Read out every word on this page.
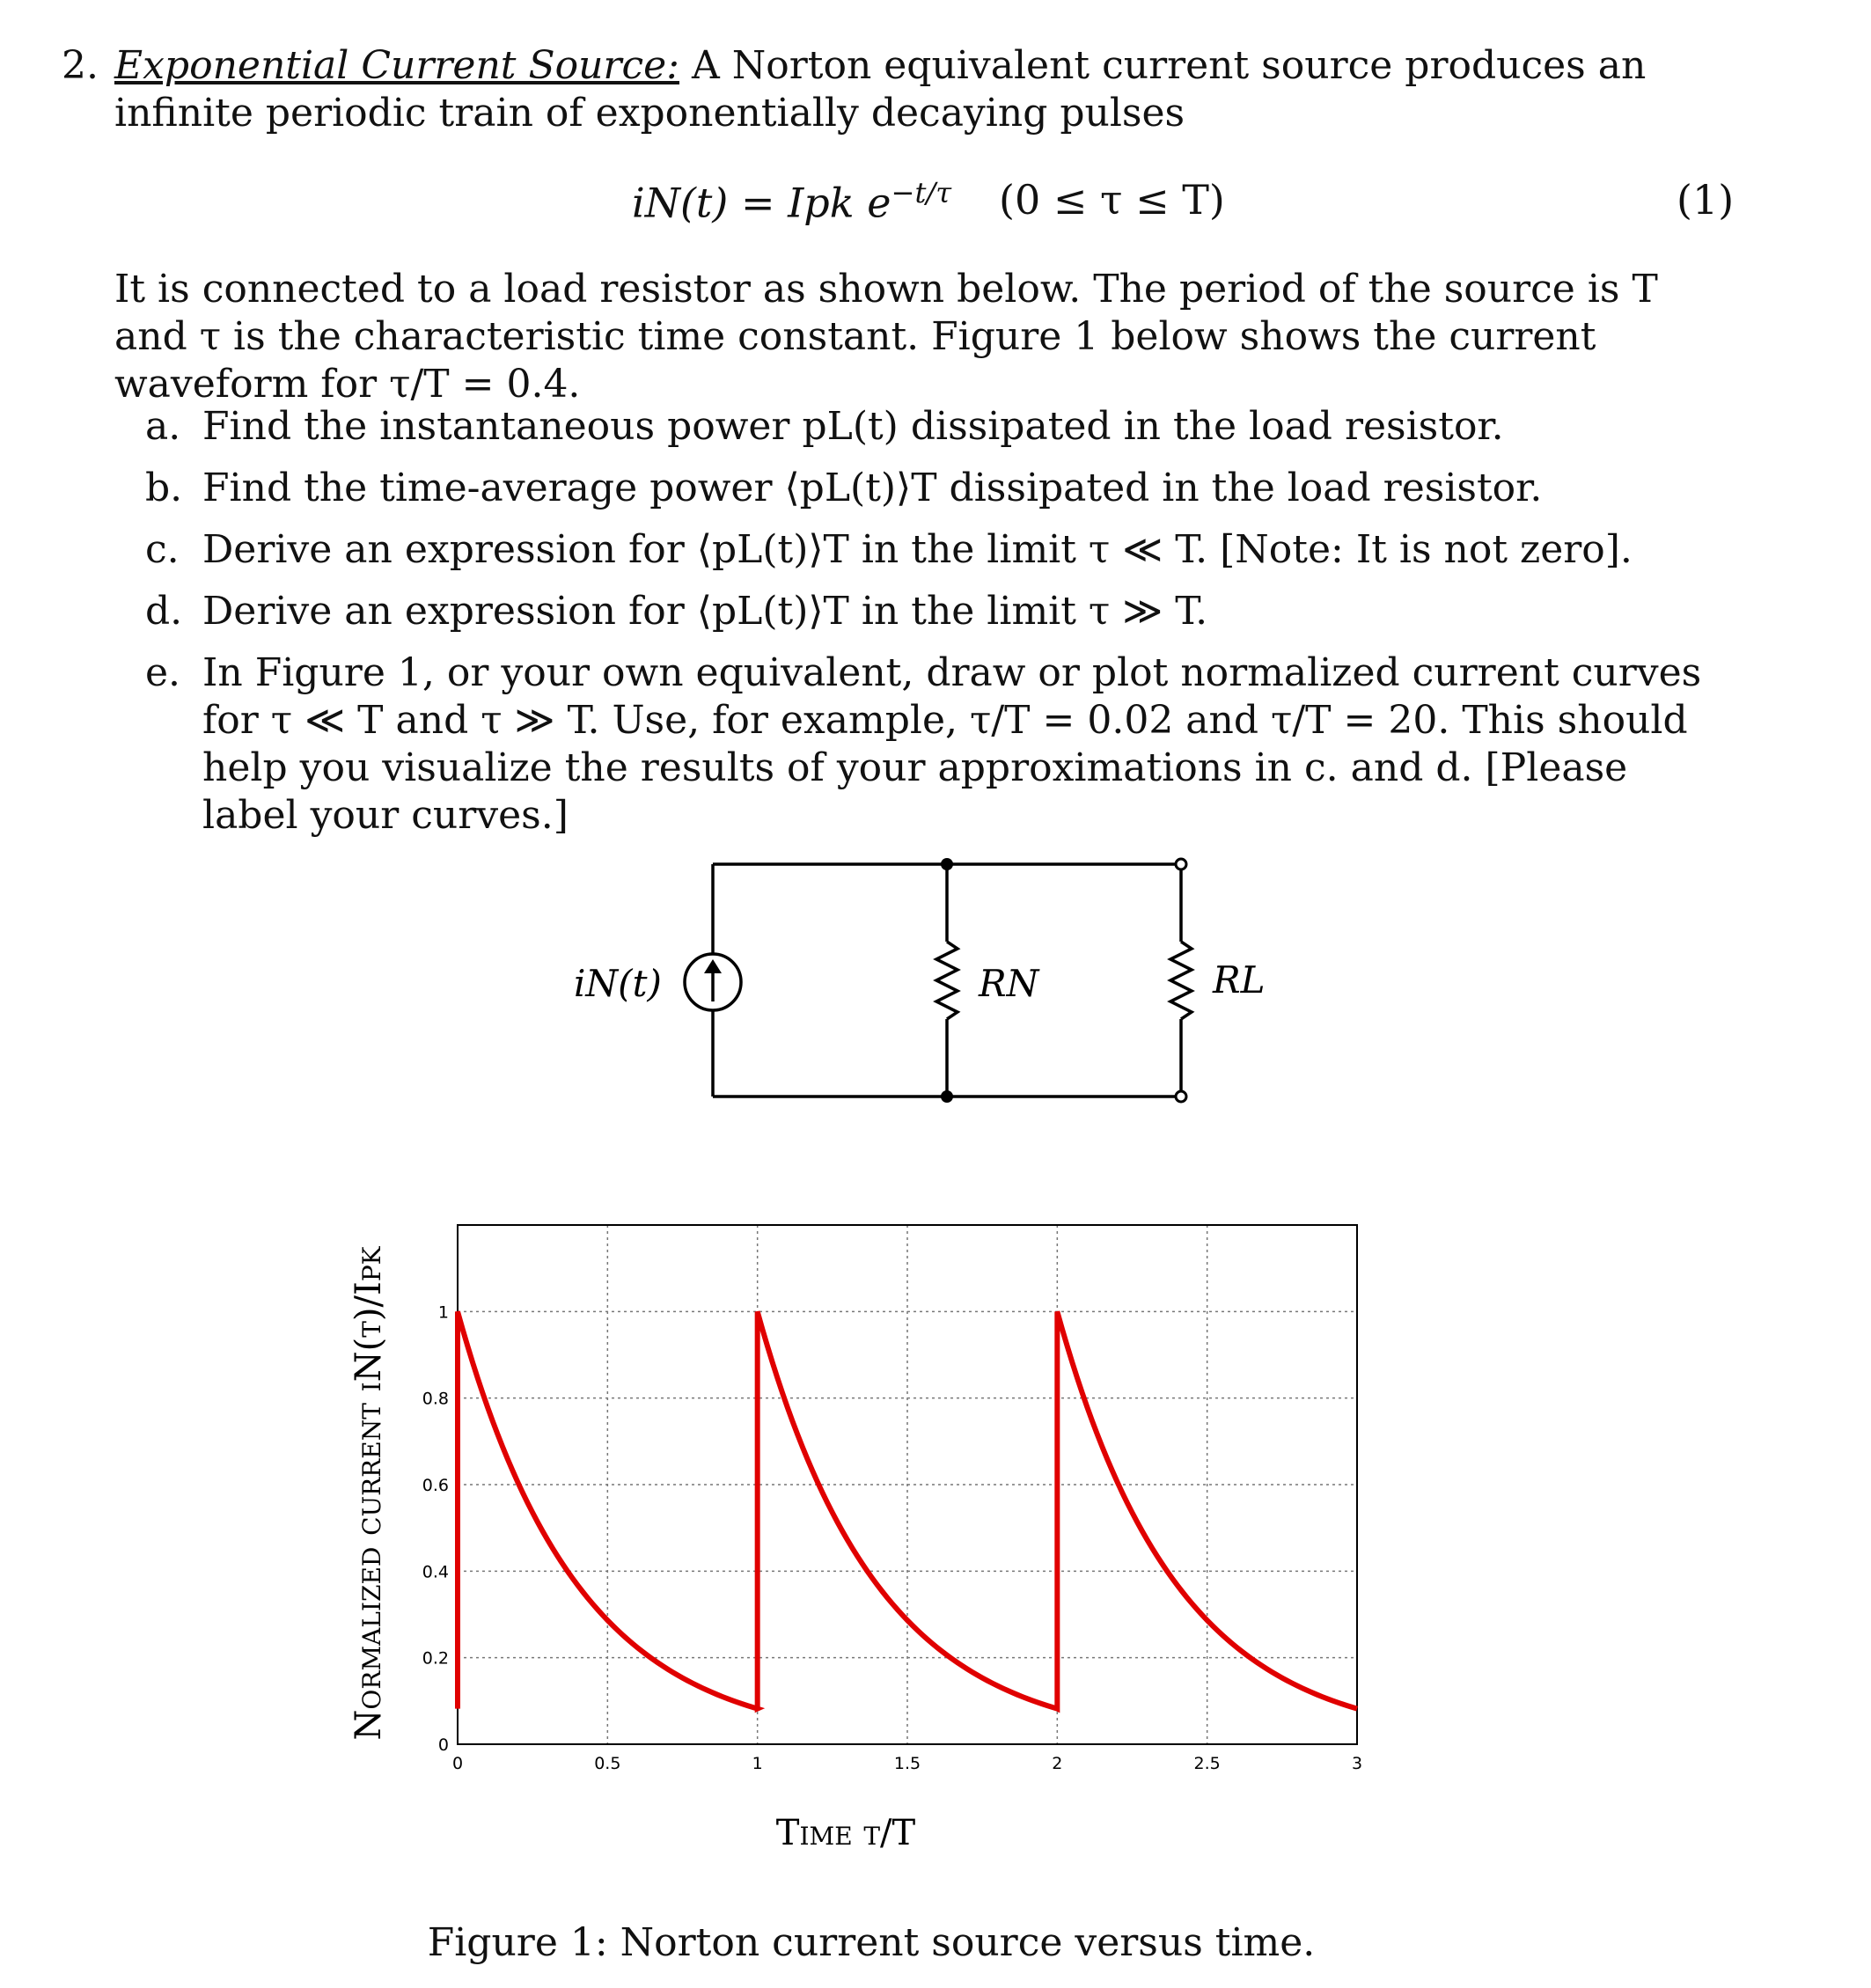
2. Exponential Current Source: A Norton equivalent current source produces an infinite periodic train of exponentially decaying pulses
iN(t) = Ipk $e^{-t/\tau}$ (0 ≤ τ ≤ T)	(1)
It is connected to a load resistor as shown below. The period of the source is T and τ is the characteristic time constant. Figure 1 below shows the current waveform for τ/T = 0.4.
a. Find the instantaneous power pL(t) dissipated in the load resistor.
b. Find the time-average power ⟨pL(t)⟩T dissipated in the load resistor.
c. Derive an expression for ⟨pL(t)⟩T in the limit τ ≪ T. [Note: It is not zero].
d. Derive an expression for ⟨pL(t)⟩T in the limit τ ≫ T.
e. In Figure 1, or your own equivalent, draw or plot normalized current curves for τ ≪ T and τ ≫ T. Use, for example, τ/T = 0.02 and τ/T = 20. This should help you visualize the results of your approximations in c. and d. [Please label your curves.]
iN(t)	RN	RL
0	0.5	1	1.5	2	2.5	3
0
0.2
0.4
0.6
0.8
1
Time t/T
Normalized current iN(t)/Ipk
Figure 1: Norton current source versus time.
